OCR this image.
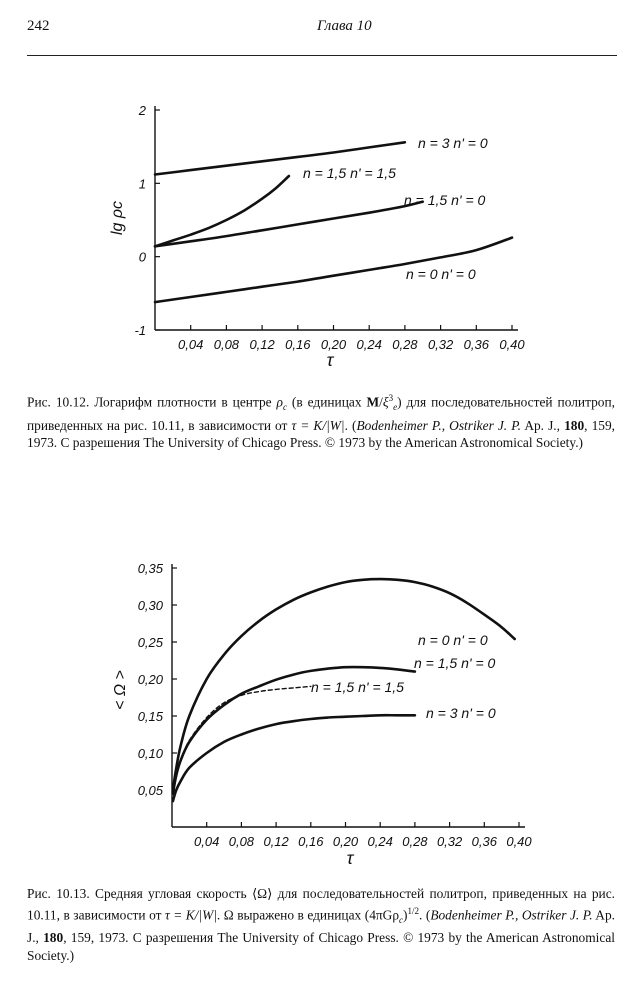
242	Глава 10
0,04 0,08 0,12 0,16 0,20 0,24 0,28 0,32 0,36 0,40
-1
0
1
2
τ
lg ρc
n = 3 n' = 0
n = 1,5 n' = 1,5
n = 1,5 n' = 0
n = 0 n' = 0
Рис. 10.12. Логарифм плотности в центре $\rho_c$ (в единицах $M/\xi^3_e$) для последовательностей политроп, приведенных на рис. 10.11, в зависимости от τ = K/|W|. (Bodenheimer P., Ostriker J. P. Ap. J., 180, 159, 1973. С разрешения The University of Chicago Press. © 1973 by the American Astronomical Society.)
0,04 0,08 0,12 0,16 0,20 0,24 0,28 0,32 0,36 0,40
0,05
0,10
0,15
0,20
0,25
0,30
0,35
τ
< Ω >
n = 0 n' = 0
n = 1,5 n' = 0
n = 1,5 n' = 1,5
n = 3 n' = 0
Рис. 10.13. Средняя угловая скорость ⟨Ω⟩ для последовательностей политроп, приведенных на рис. 10.11, в зависимости от τ = K/|W|. Ω выражено в единицах $(4\pi G\rho_c)^{1/2}$. (Bodenheimer P., Ostriker J. P. Ap. J., 180, 159, 1973. С разрешения The University of Chicago Press. © 1973 by the American Astronomical Society.)
